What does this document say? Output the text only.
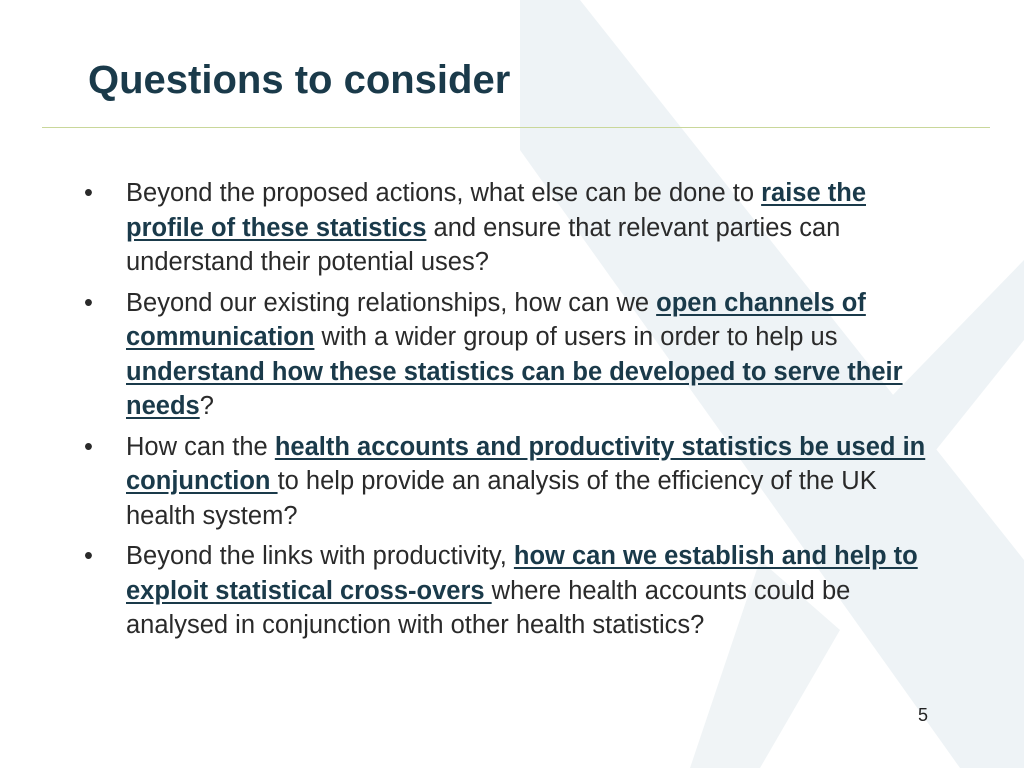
Questions to consider
•	Beyond the proposed actions, what else can be done to raise the profile of these statistics and ensure that relevant parties can understand their potential uses?
•	Beyond our existing relationships, how can we open channels of communication with a wider group of users in order to help us understand how these statistics can be developed to serve their needs?
•	How can the health accounts and productivity statistics be used in conjunction to help provide an analysis of the efficiency of the UK health system?
•	Beyond the links with productivity, how can we establish and help to exploit statistical cross-overs where health accounts could be analysed in conjunction with other health statistics?
5
